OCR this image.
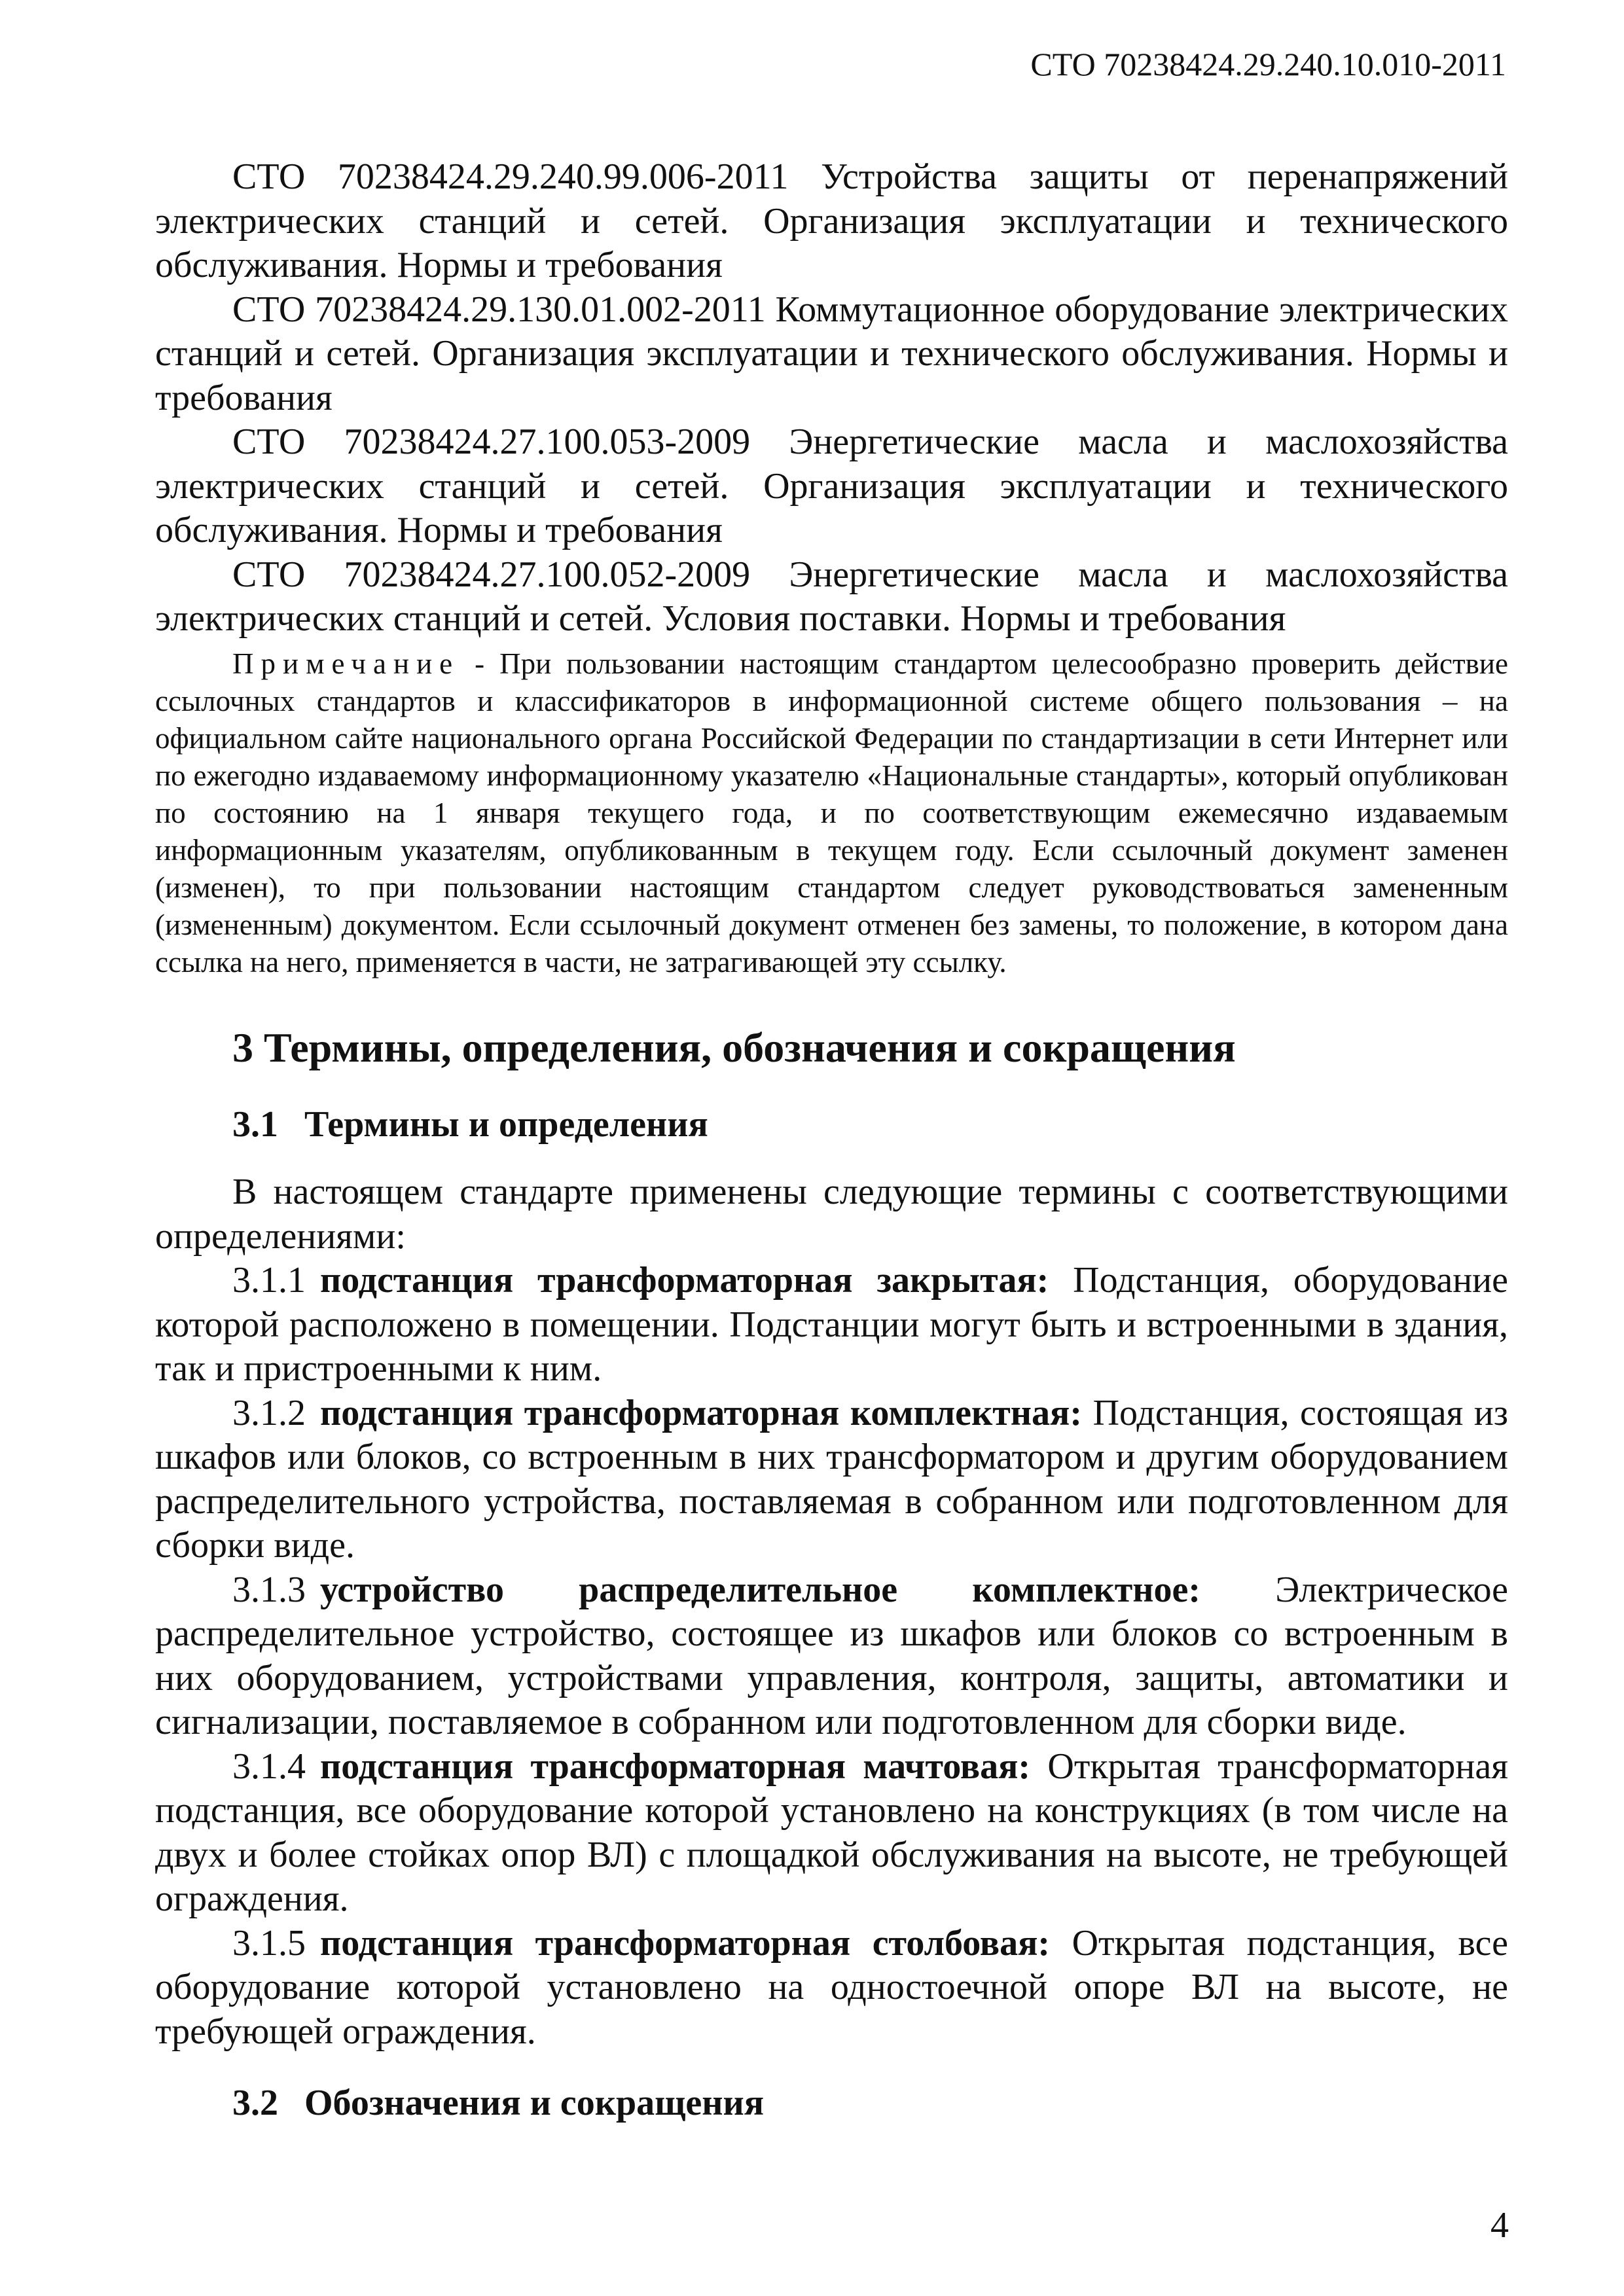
СТО 70238424.29.240.10.010-2011

СТО 70238424.29.240.99.006-2011 Устройства защиты от перенапряжений электрических станций и сетей. Организация эксплуатации и технического обслуживания. Нормы и требования

СТО 70238424.29.130.01.002-2011 Коммутационное оборудование электрических станций и сетей. Организация эксплуатации и технического обслуживания. Нормы и требования

СТО 70238424.27.100.053-2009 Энергетические масла и маслохозяйства электрических станций и сетей. Организация эксплуатации и технического обслуживания. Нормы и требования

СТО 70238424.27.100.052-2009 Энергетические масла и маслохозяйства электрических станций и сетей. Условия поставки. Нормы и требования

Примечание - При пользовании настоящим стандартом целесообразно проверить действие ссылочных стандартов и классификаторов в информационной системе общего пользования – на официальном сайте национального органа Российской Федерации по стандартизации в сети Интернет или по ежегодно издаваемому информационному указателю «Национальные стандарты», который опубликован по состоянию на 1 января текущего года, и по соответствующим ежемесячно издаваемым информационным указателям, опубликованным в текущем году. Если ссылочный документ заменен (изменен), то при пользовании настоящим стандартом следует руководствоваться замененным (измененным) документом. Если ссылочный документ отменен без замены, то положение, в котором дана ссылка на него, применяется в части, не затрагивающей эту ссылку.

3 Термины, определения, обозначения и сокращения
3.1 Термины и определения

В настоящем стандарте применены следующие термины с соответствующими определениями:

3.1.1 подстанция трансформаторная закрытая: Подстанция, оборудование которой расположено в помещении. Подстанции могут быть и встроенными в здания, так и пристроенными к ним.

3.1.2 подстанция трансформаторная комплектная: Подстанция, состоящая из шкафов или блоков, со встроенным в них трансформатором и другим оборудованием распределительного устройства, поставляемая в собранном или подготовленном для сборки виде.

3.1.3 устройство распределительное комплектное: Электрическое распределительное устройство, состоящее из шкафов или блоков со встроенным в них оборудованием, устройствами управления, контроля, защиты, автоматики и сигнализации, поставляемое в собранном или подготовленном для сборки виде.

3.1.4 подстанция трансформаторная мачтовая: Открытая трансформаторная подстанция, все оборудование которой установлено на конструкциях (в том числе на двух и более стойках опор ВЛ) с площадкой обслуживания на высоте, не требующей ограждения.

3.1.5 подстанция трансформаторная столбовая: Открытая подстанция, все оборудование которой установлено на одностоечной опоре ВЛ на высоте, не требующей ограждения.

3.2 Обозначения и сокращения
4
